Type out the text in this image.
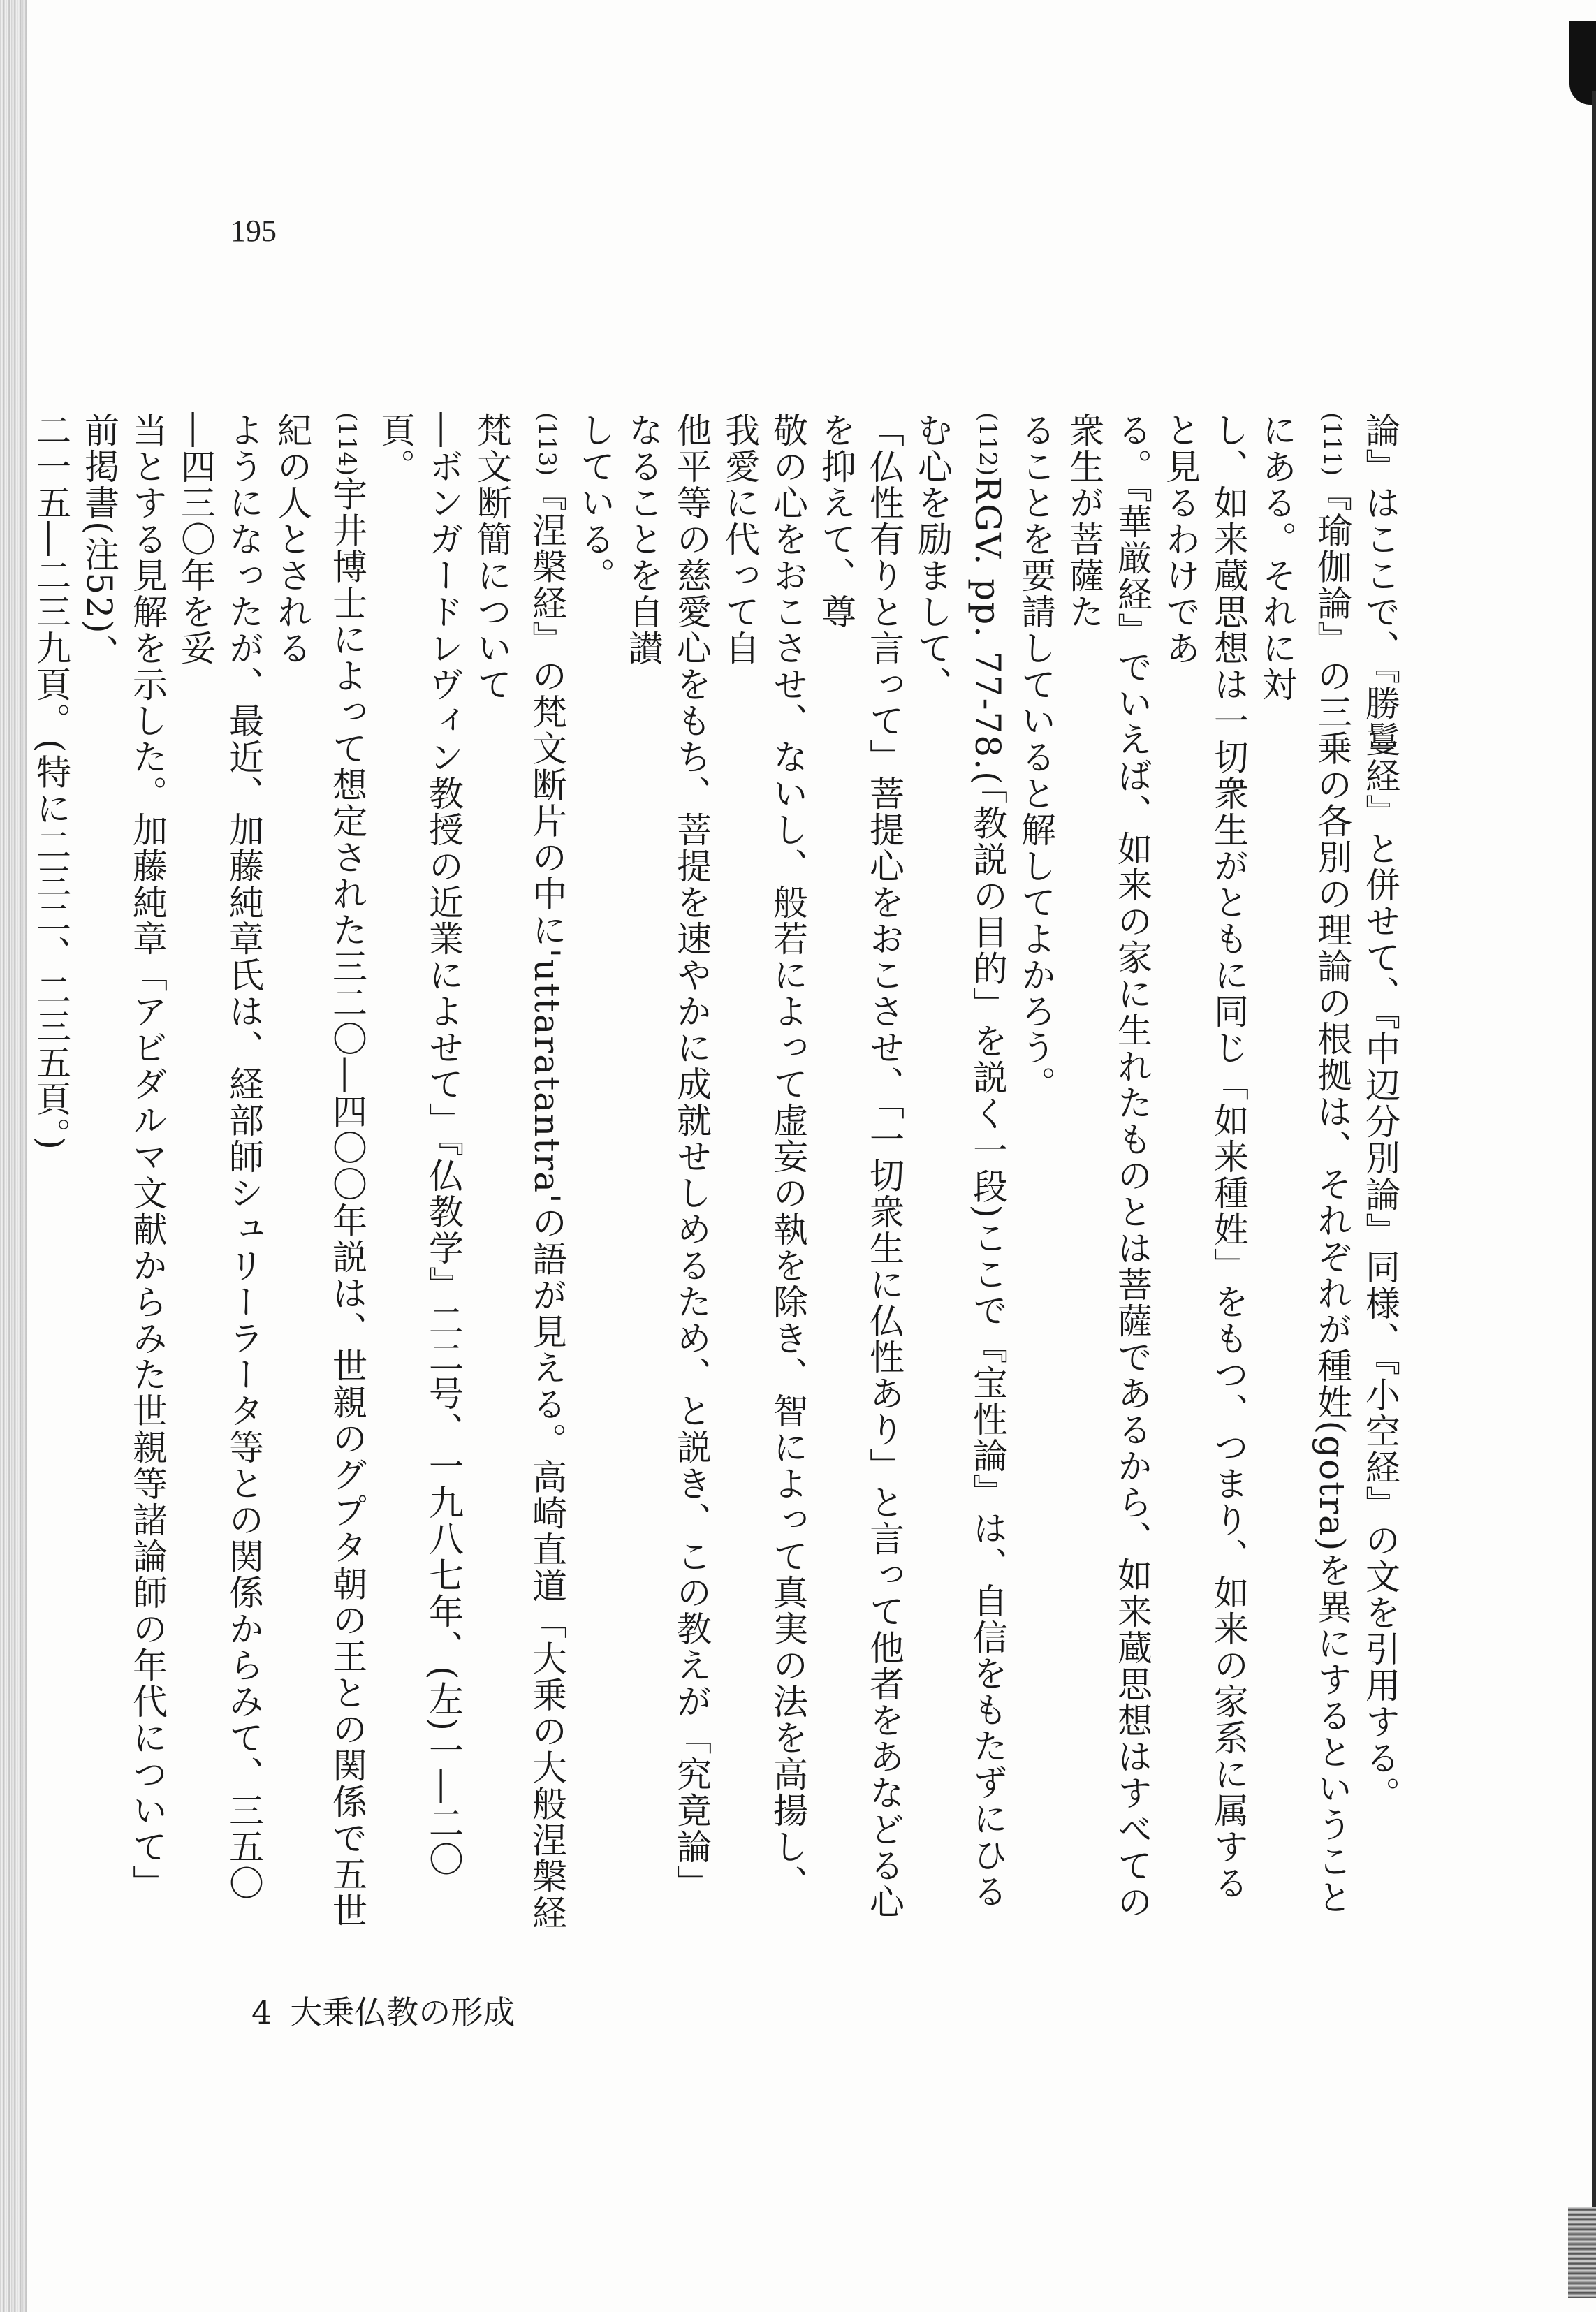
195

論』はここで、『勝鬘経』と併せて、『中辺分別論』同様、『小空経』の文を引用する。

(111)『瑜伽論』の三乗の各別の理論の根拠は、それぞれが種姓(gotra)を異にするということにある。それに対
し、如来蔵思想は一切衆生がともに同じ「如来種姓」をもつ、つまり、如来の家系に属すると見るわけであ
る。『華厳経』でいえば、如来の家に生れたものとは菩薩であるから、如来蔵思想はすべての衆生が菩薩た
ることを要請していると解してよかろう。
(112)RGV. pp. 77-78.(「教説の目的」を説く一段)ここで『宝性論』は、自信をもたずにひるむ心を励まして、
「仏性有りと言って」菩提心をおこさせ、「一切衆生に仏性あり」と言って他者をあなどる心を抑えて、尊
敬の心をおこさせ、ないし、般若によって虚妄の執を除き、智によって真実の法を高揚し、我愛に代って自
他平等の慈愛心をもち、菩提を速やかに成就せしめるため、と説き、この教えが「究竟論」なることを自讃
している。
(113)『涅槃経』の梵文断片の中に'uttaratantra'の語が見える。高崎直道「大乗の大般涅槃経梵文断簡について
―ボンガードレヴィン教授の近業によせて」『仏教学』二二号、一九八七年、(左)一―二〇頁。
(114)宇井博士によって想定された三二〇―四〇〇年説は、世親のグプタ朝の王との関係で五世紀の人とされる
ようになったが、最近、加藤純章氏は、経部師シュリーラータ等との関係からみて、三五〇―四三〇年を妥
当とする見解を示した。加藤純章「アビダルマ文献からみた世親等諸論師の年代について」前掲書(注52)、
二一五―二三九頁。(特に二三二、二三五頁。)
4 大乗仏教の形成
